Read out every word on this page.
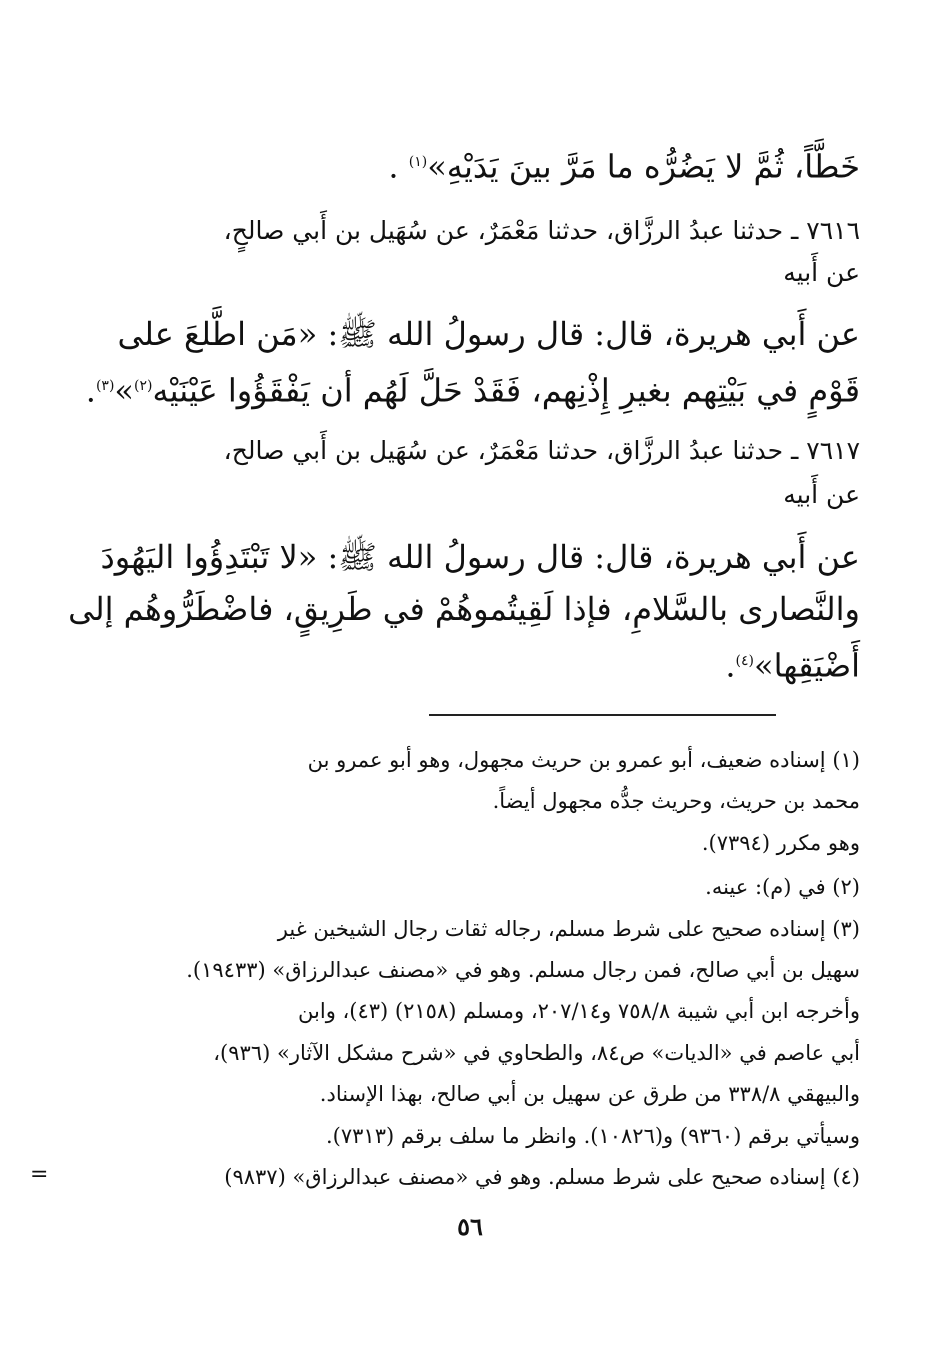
خَطَّاً، ثُمَّ لا يَضُرُّه ما مَرَّ بينَ يَدَيْهِ»$^{(١)}$ .
٧٦١٦ ـ حدثنا عبدُ الرزَّاق، حدثنا مَعْمَرٌ، عن سُهَيل بن أَبي صالحٍ،
عن أَبيه
عن أَبي هريرة، قال: قال رسولُ الله ﷺ: «مَن اطَّلعَ على
قَوْمٍ في بَيْتِهم بغيرِ إِذْنِهم، فَقَدْ حَلَّ لَهُم أن يَفْقَؤُوا عَيْنَيْه$^{(٢)}$»$^{(٣)}$.
٧٦١٧ ـ حدثنا عبدُ الرزَّاق، حدثنا مَعْمَرٌ، عن سُهَيل بن أَبي صالح،
عن أَبيه
عن أَبي هريرة، قال: قال رسولُ الله ﷺ: «لا تَبْتَدِؤُوا اليَهُودَ
والنَّصارى بالسَّلامِ، فإذا لَقِيتُموهُمْ في طَرِيقٍ، فاضْطَرُّوهُم إلى
أَضْيَقِها»$^{(٤)}$.
(١) إسناده ضعيف، أبو عمرو بن حريث مجهول، وهو أبو عمرو بن
محمد بن حريث، وحريث جدُّه مجهول أيضاً.
وهو مكرر (٧٣٩٤).
(٢) في (م): عينه.
(٣) إسناده صحيح على شرط مسلم، رجاله ثقات رجال الشيخين غير
سهيل بن أبي صالح، فمن رجال مسلم. وهو في «مصنف عبدالرزاق» (١٩٤٣٣).
وأخرجه ابن أبي شيبة ٧٥٨/٨ و٢٠٧/١٤، ومسلم (٢١٥٨) (٤٣)، وابن
أبي عاصم في «الديات» ص٨٤، والطحاوي في «شرح مشكل الآثار» (٩٣٦)،
والبيهقي ٣٣٨/٨ من طرق عن سهيل بن أبي صالح، بهذا الإسناد.
وسيأتي برقم (٩٣٦٠) و(١٠٨٢٦). وانظر ما سلف برقم (٧٣١٣).
(٤) إسناده صحيح على شرط مسلم. وهو في «مصنف عبدالرزاق» (٩٨٣٧)
=
٥٦
